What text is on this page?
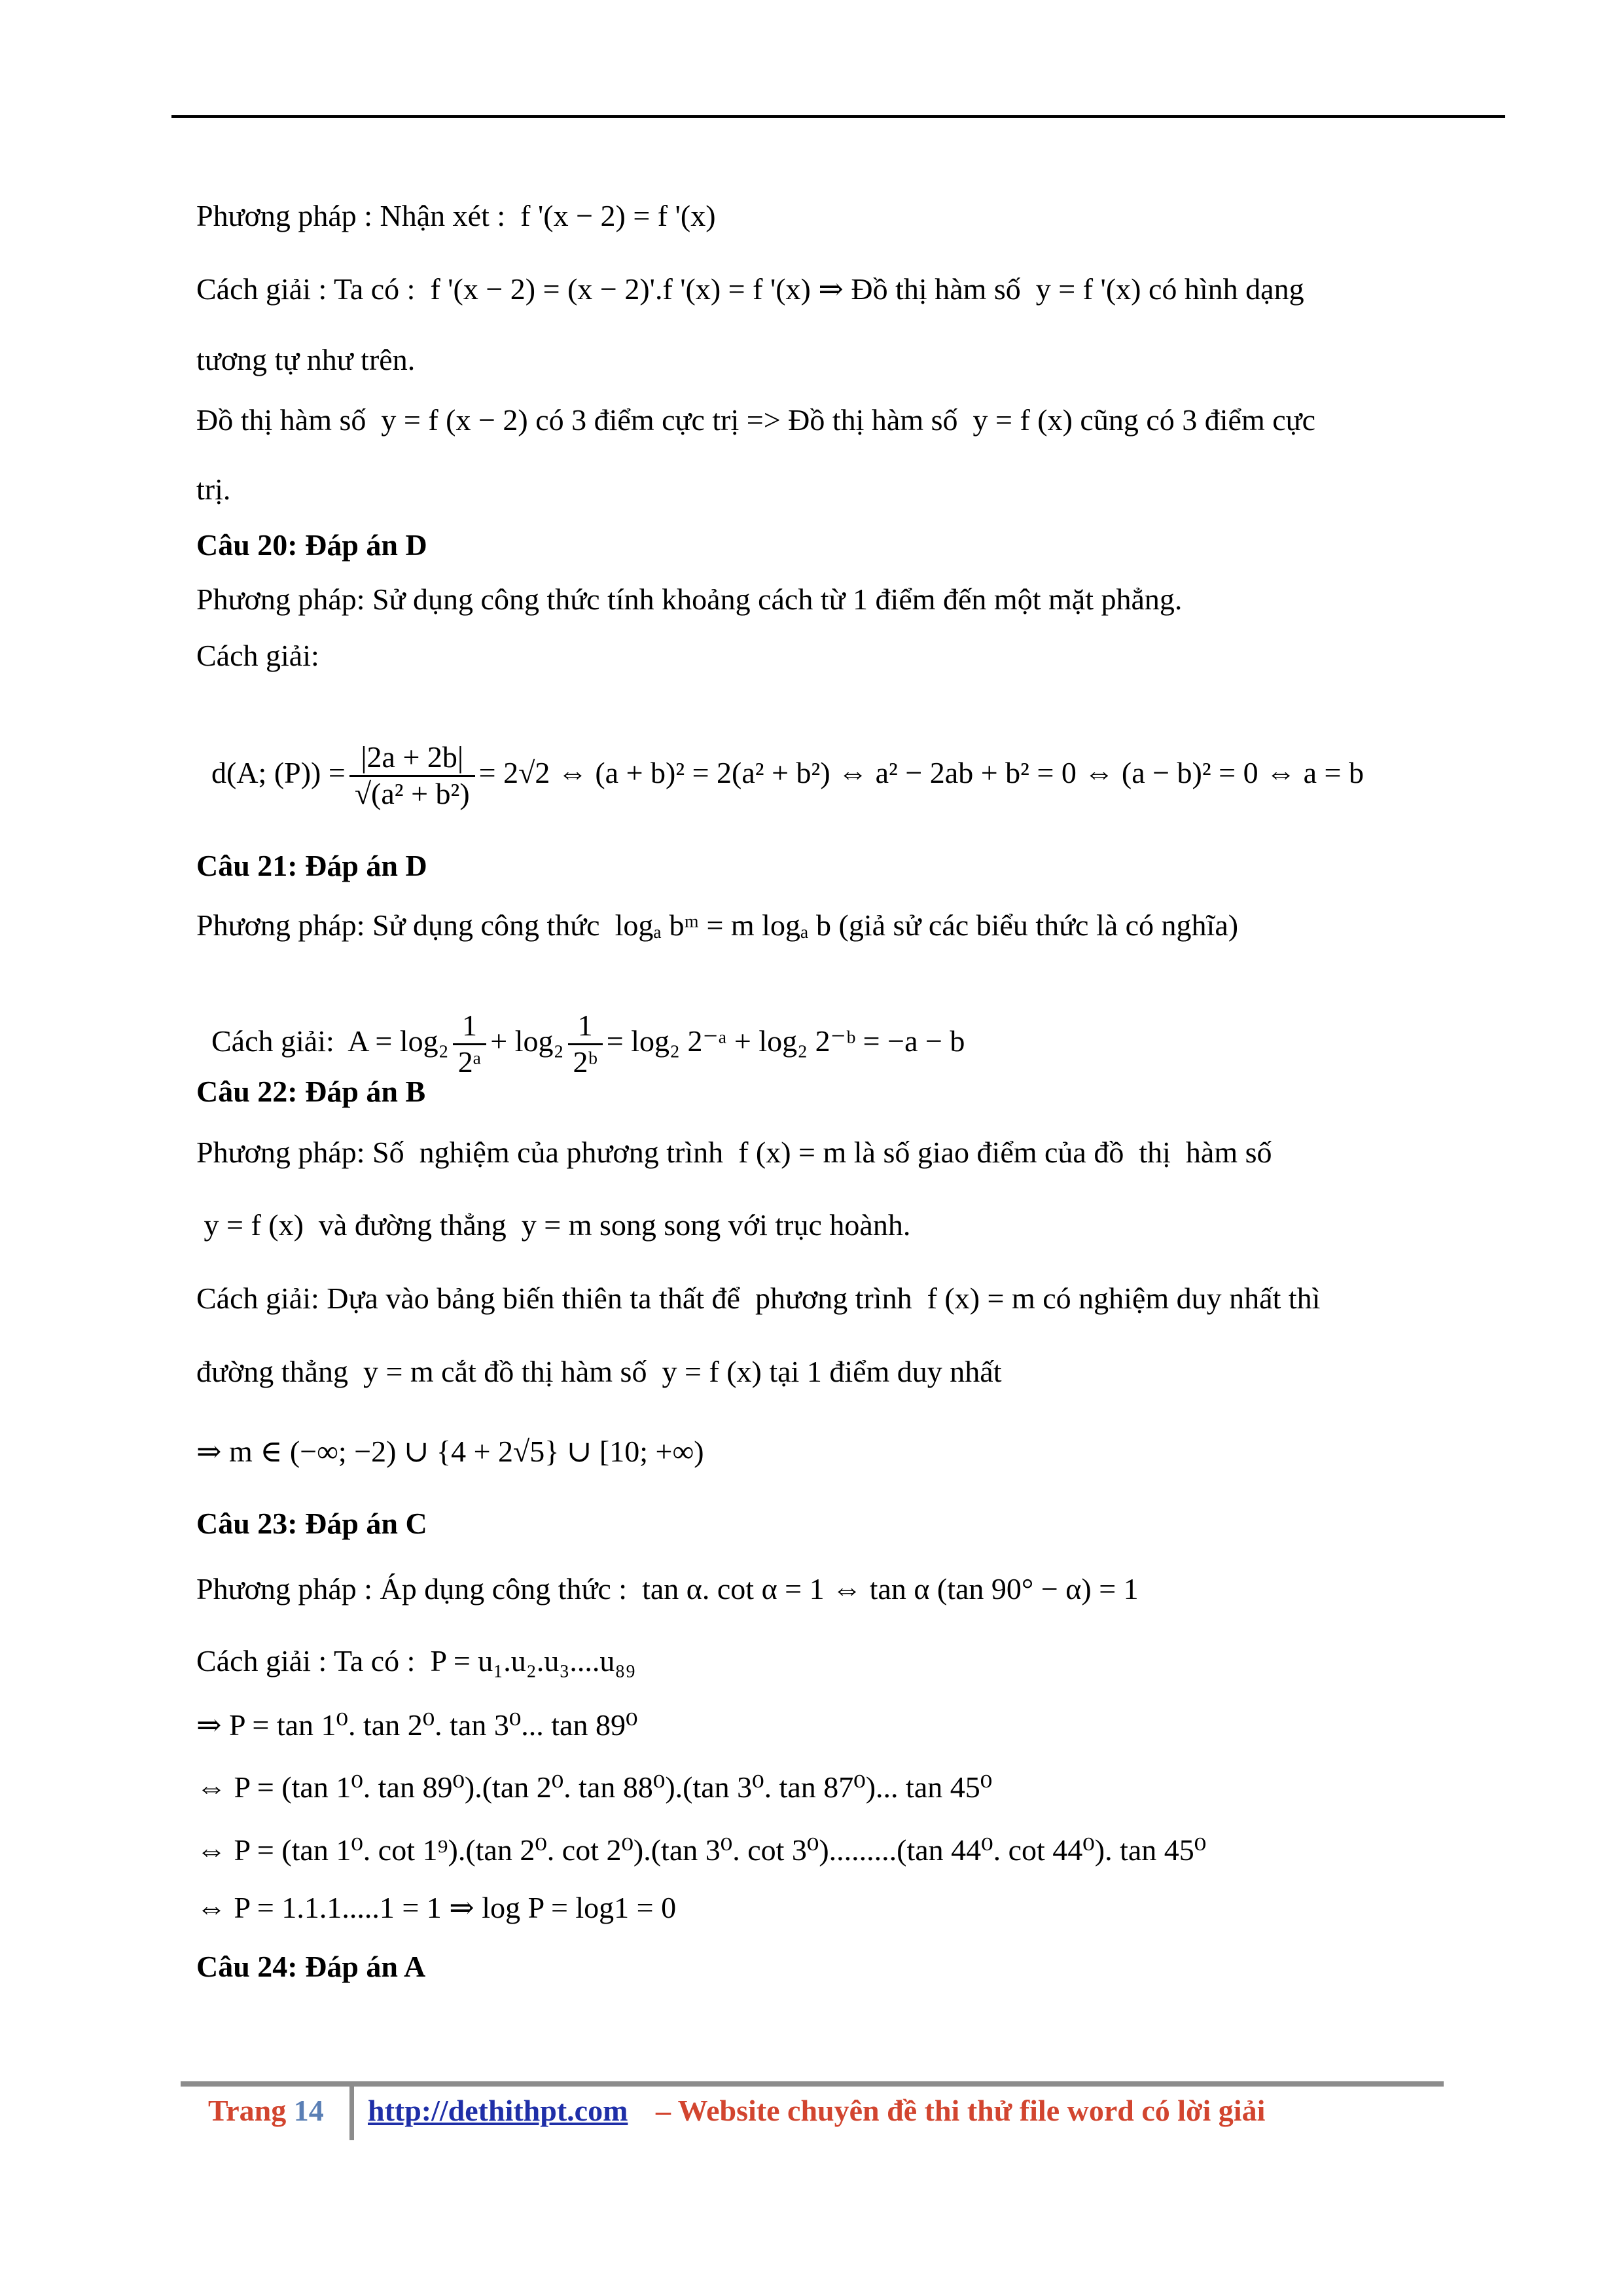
Phương pháp : Nhận xét :  f '(x − 2) = f '(x)
Cách giải : Ta có :  f '(x − 2) = (x − 2)'.f '(x) = f '(x) ⇒ Đồ thị hàm số  y = f '(x) có hình dạng
tương tự như trên.
Đồ thị hàm số  y = f (x − 2) có 3 điểm cực trị => Đồ thị hàm số  y = f (x) cũng có 3 điểm cực
trị.
Câu 20: Đáp án D
Phương pháp: Sử dụng công thức tính khoảng cách từ 1 điểm đến một mặt phẳng.
Cách giải:

d(A; $(P)) = \frac{|2a + 2b|}{\text{√(a² + b²)}} = 2√2$ ⇔ (a + b)² = 2(a² + b²) ⇔ a² − 2ab + b² = 0 ⇔ (a − b)² = 0 ⇔ a = b

Câu 21: Đáp án D
Phương pháp: Sử dụng công thức  logₐ bᵐ = m logₐ b (giả sử các biểu thức là có nghĩa)

Cách giải:  $A = \log_2 \frac{1}{\text{2ᵃ}} + \log_2 \frac{1}{\text{2ᵇ}} = \log_2$ 2⁻ᵃ + log₂ 2⁻ᵇ = −a − b

Câu 22: Đáp án B
Phương pháp: Số  nghiệm của phương trình  f (x) = m là số giao điểm của đồ  thị  hàm số
y = f (x)  và đường thẳng  y = m song song với trục hoành.
Cách giải: Dựa vào bảng biến thiên ta thất để  phương trình  f (x) = m có nghiệm duy nhất thì
đường thẳng  y = m cắt đồ thị hàm số  y = f (x) tại 1 điểm duy nhất
⇒ m ∈ (−∞; −2) ∪ {4 + 2√5} ∪ [10; +∞)
Câu 23: Đáp án C
Phương pháp : Áp dụng công thức :  tan α. cot α = 1 ⇔ tan α (tan 90° − α) = 1
Cách giải : Ta có :  P = u₁.u₂.u₃....u₈₉
⇒ P = tan 1⁰. tan 2⁰. tan 3⁰... tan 89⁰
⇔ P = (tan 1⁰. tan 89⁰).(tan 2⁰. tan 88⁰).(tan 3⁰. tan 87⁰)... tan 45⁰
⇔ P = (tan 1⁰. cot 1⁹).(tan 2⁰. cot 2⁰).(tan 3⁰. cot 3⁰).........(tan 44⁰. cot 44⁰). tan 45⁰
⇔ P = 1.1.1.....1 = 1 ⇒ log P = log1 = 0
Câu 24: Đáp án A
Trang 14 http://dethithpt.com – Website chuyên đề thi thử file word có lời giải
